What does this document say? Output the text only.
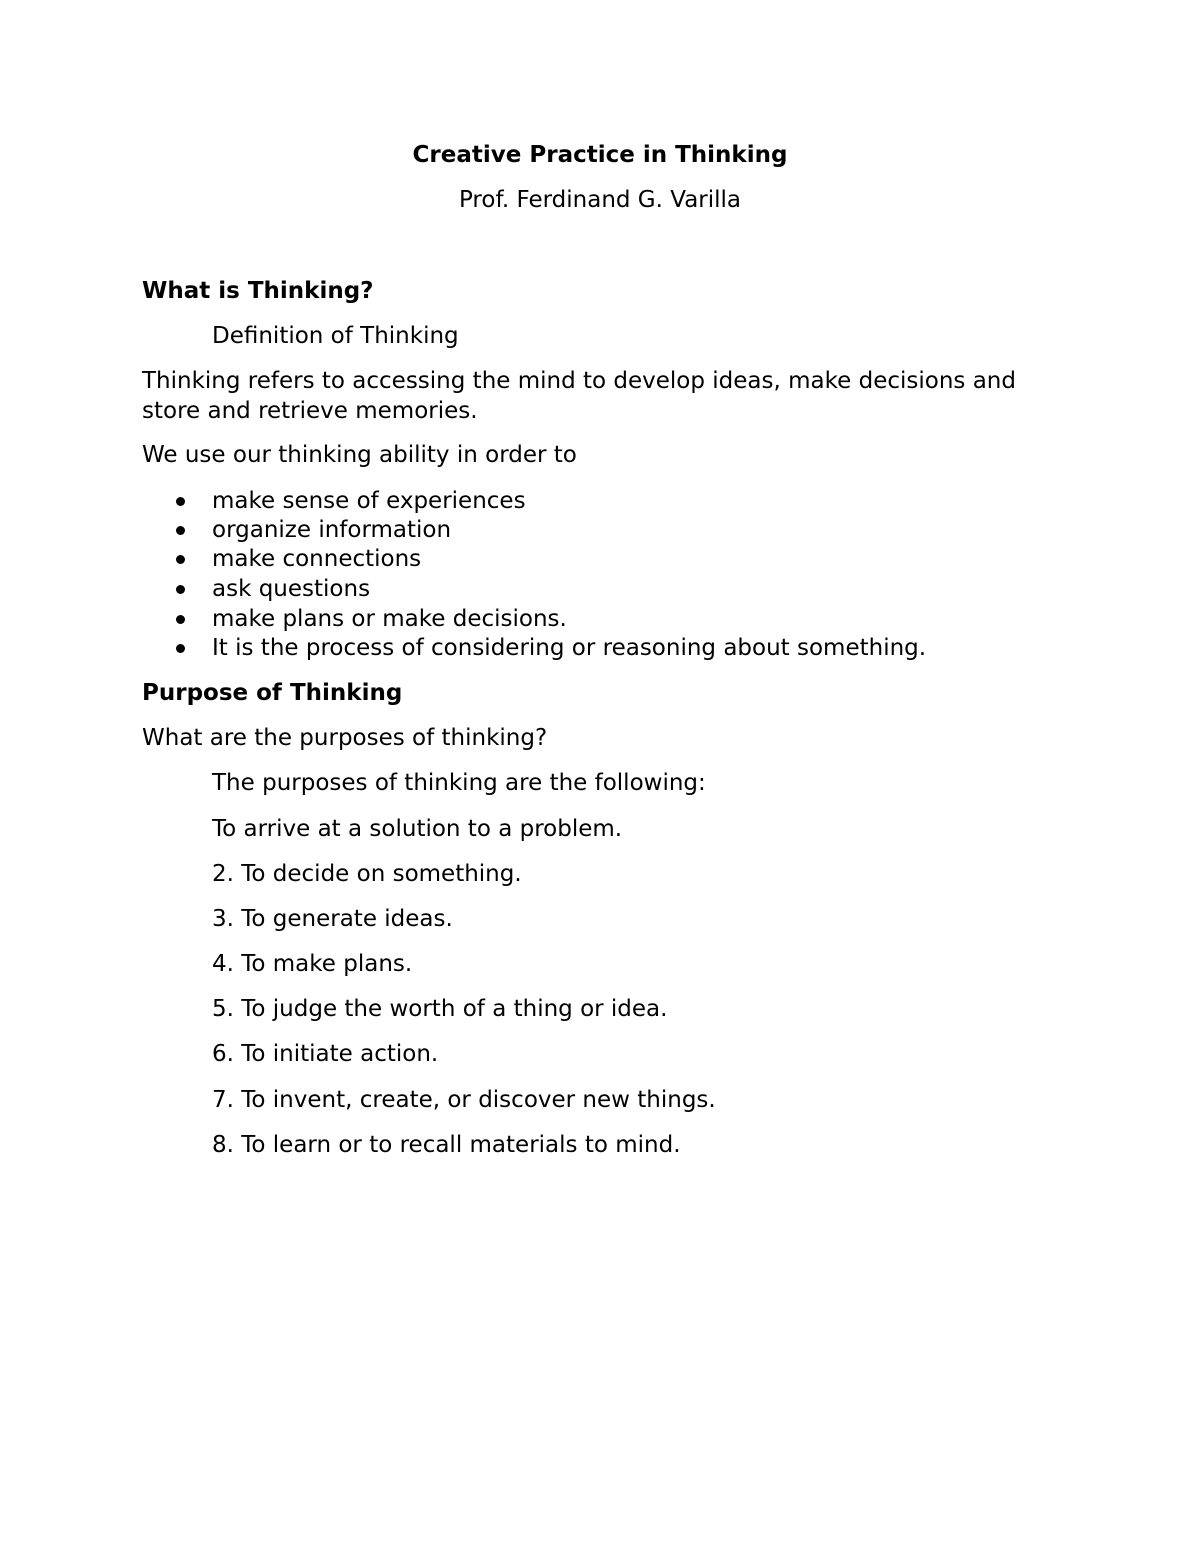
Creative Practice in Thinking

Prof. Ferdinand G. Varilla

What is Thinking?

Definition of Thinking

Thinking refers to accessing the mind to develop ideas, make decisions and

store and retrieve memories.

We use our thinking ability in order to

make sense of experiences
organize information
make connections
ask questions
make plans or make decisions.
It is the process of considering or reasoning about something.

Purpose of Thinking

What are the purposes of thinking?

The purposes of thinking are the following:

To arrive at a solution to a problem.

2. To decide on something.

3. To generate ideas.

4. To make plans.

5. To judge the worth of a thing or idea.

6. To initiate action.

7. To invent, create, or discover new things.

8. To learn or to recall materials to mind.
